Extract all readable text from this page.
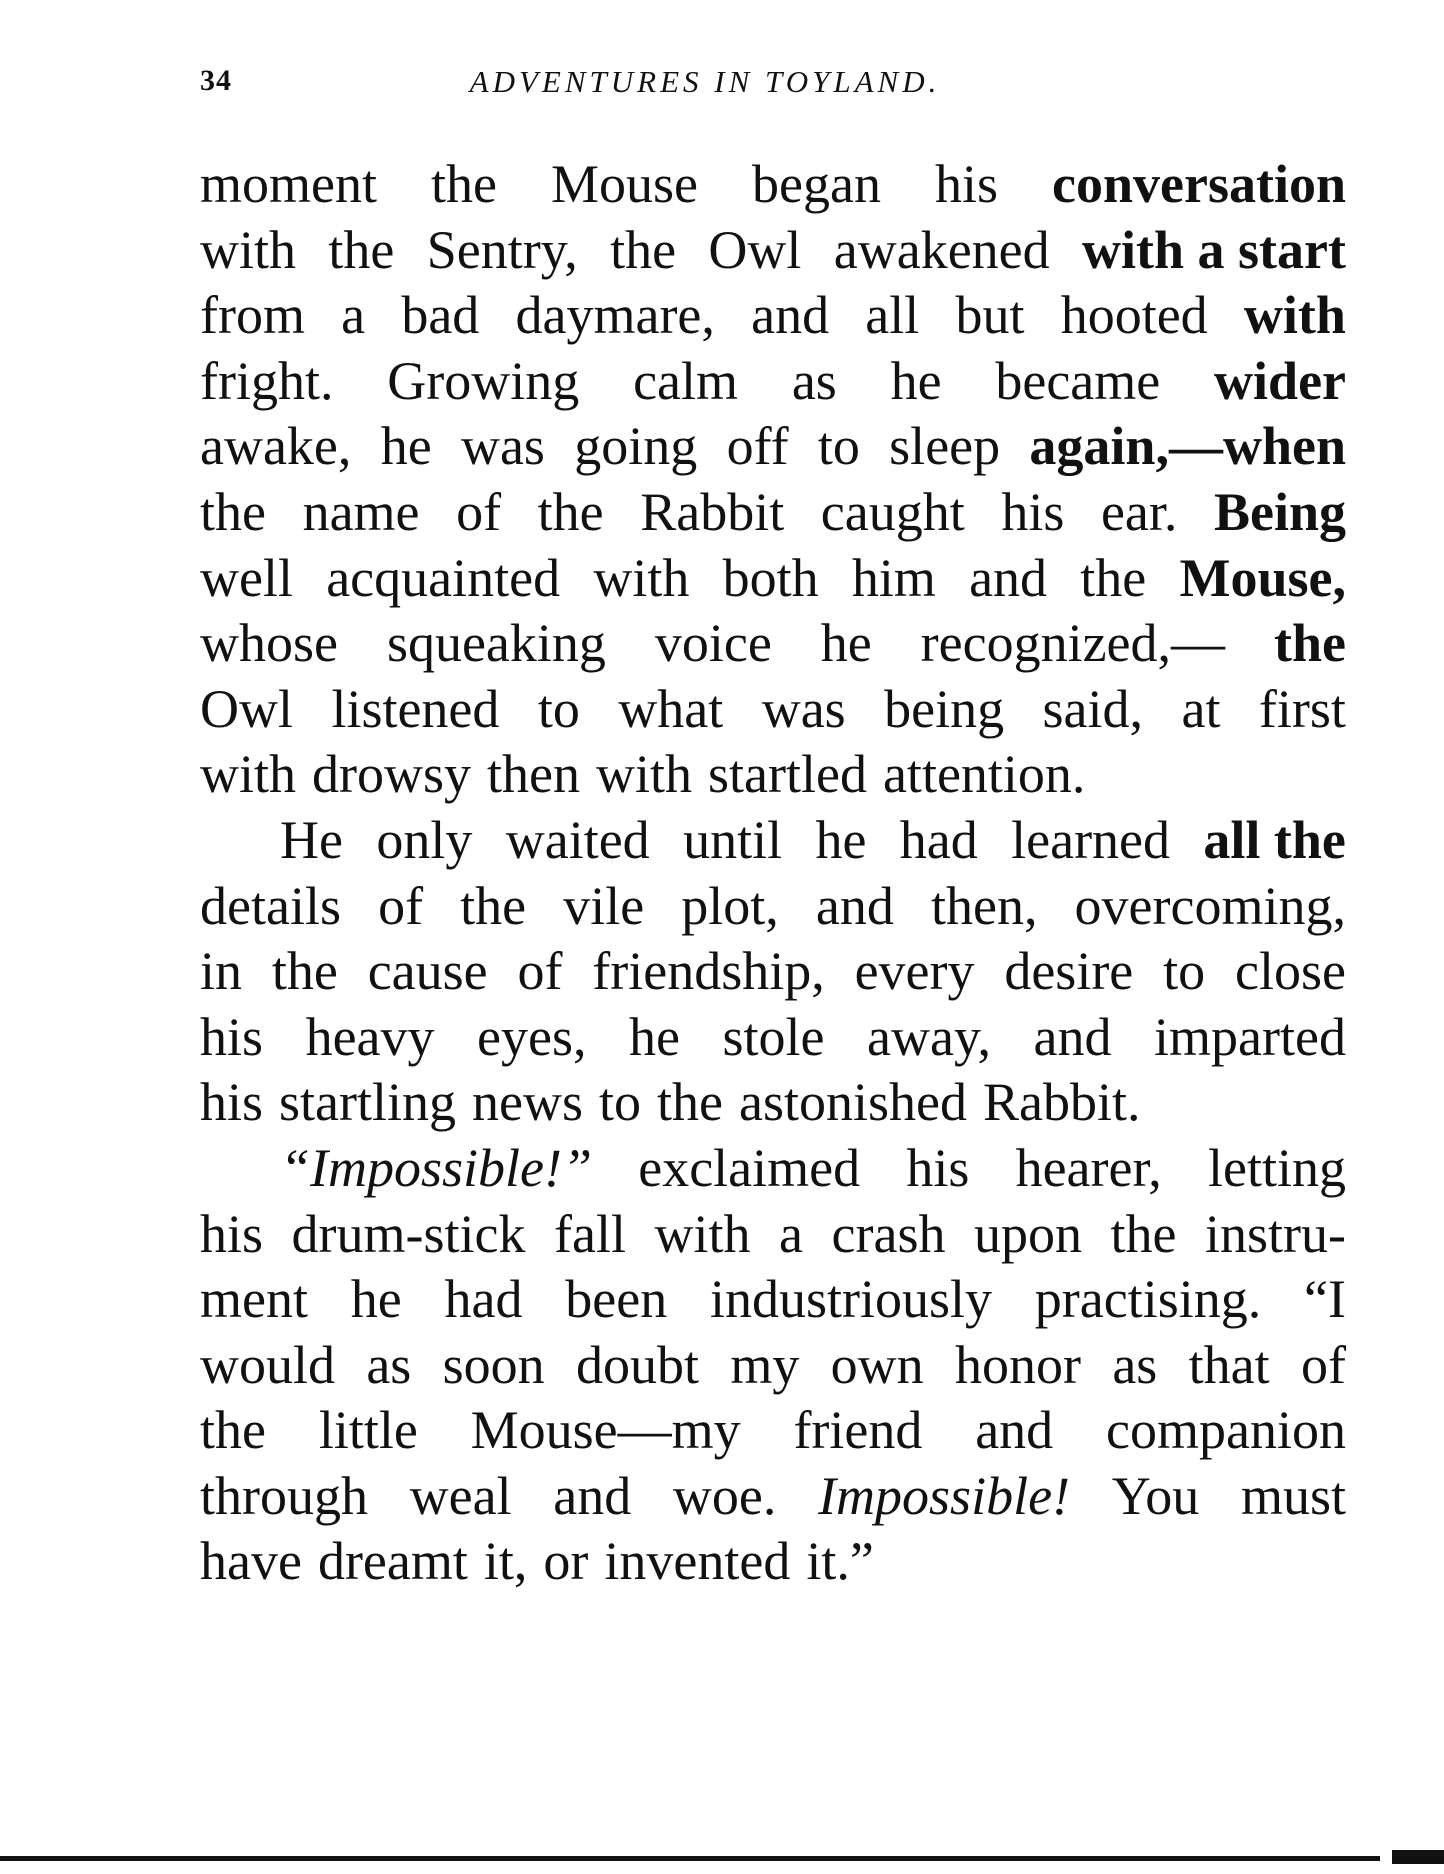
34	ADVENTURES IN TOYLAND.
moment the Mouse began his conversation
with the Sentry, the Owl awakened with a start
from a bad daymare, and all but hooted with
fright. Growing calm as he became wider
awake, he was going off to sleep again,—when
the name of the Rabbit caught his ear. Being
well acquainted with both him and the Mouse,
whose squeaking voice he recognized,— the
Owl listened to what was being said, at first
with drowsy then with startled attention.
He only waited until he had learned all the
details of the vile plot, and then, overcoming,
in the cause of friendship, every desire to close
his heavy eyes, he stole away, and imparted
his startling news to the astonished Rabbit.
“Impossible!” exclaimed his hearer, letting
his drum-stick fall with a crash upon the instru-
ment he had been industriously practising. “I
would as soon doubt my own honor as that of
the little Mouse—my friend and companion
through weal and woe. Impossible! You must
have dreamt it, or invented it.”
